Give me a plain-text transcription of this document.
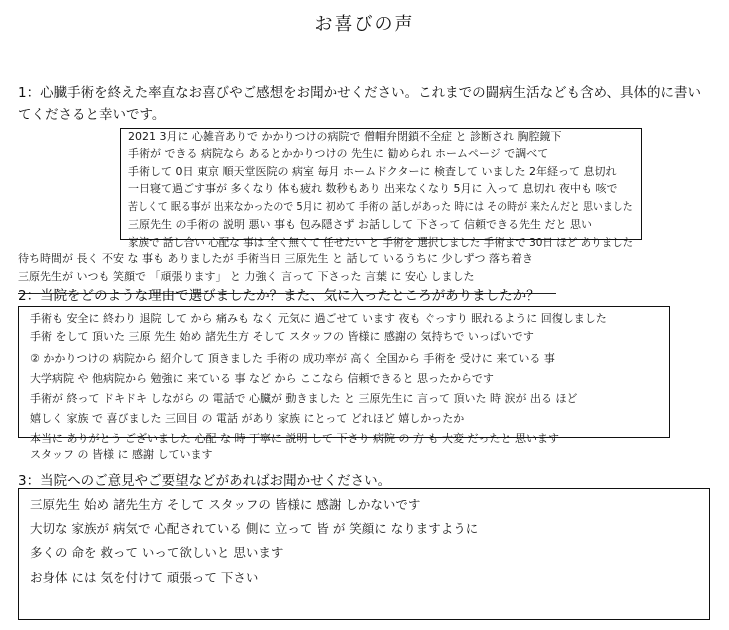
お喜びの声
1：心臓手術を終えた率直なお喜びやご感想をお聞かせください。これまでの闘病生活なども含め、具体的に書いてくださると幸いです。
2：当院をどのような理由で選びましたか？また、気に入ったところがありましたか？
3：当院へのご意見やご要望などがあればお聞かせください。
2021 3月に 心雑音ありで かかりつけの病院で 僧帽弁閉鎖不全症 と 診断され 胸腔鏡下
手術が できる 病院なら あるとかかりつけの 先生に 勧められ ホームページ で調べて
手術して 0日 東京 順天堂医院の 病室 毎月 ホームドクターに 検査して いました 2年経って 息切れ
一日寝て過ごす事が 多くなり 体も疲れ 数秒もあり 出来なくなり 5月に 入って 息切れ 夜中も 咳で
苦しくて 眠る事が 出来なかったので 5月に 初めて 手術の 話しがあった 時には その時が 来たんだと 思いました
三原先生 の手術の 説明 悪い 事も 包み隠さず お話しして 下さって 信頼できる先生 だと 思い
家族で 話し合い 心配な 事は 全く無くて 任せたい と 手術を 選択しました 手術まで 30日 ほど ありました
待ち時間が 長く 不安 な 事も ありましたが 手術当日 三原先生 と 話して いるうちに 少しずつ 落ち着き
三原先生が いつも 笑顔で 「頑張ります」 と 力強く 言って 下さった 言葉 に 安心 しました
手術も 安全に 終わり 退院 して から 痛みも なく 元気に 過ごせて います 夜も ぐっすり 眠れるように 回復しました
手術 をして 頂いた 三原 先生 始め 諸先生方 そして スタッフの 皆様に 感謝の 気持ちで いっぱいです
② かかりつけの 病院から 紹介して 頂きました 手術の 成功率が 高く 全国から 手術を 受けに 来ている 事
大学病院 や 他病院から 勉強に 来ている 事 など から ここなら 信頼できると 思ったからです
手術が 終って ドキドキ しながら の 電話で 心臓が 動きました と 三原先生に 言って 頂いた 時 涙が 出る ほど
嬉しく 家族 で 喜びました 三回目 の 電話 があり 家族 にとって どれほど 嬉しかったか
本当に ありがとう ございました 心配 な 時 丁寧に 説明 して 下さり 病院 の 方 も 大変 だったと 思います
スタッフ の 皆様 に 感謝 しています
三原先生 始め 諸先生方 そして スタッフの 皆様に 感謝 しかないです
大切な 家族が 病気で 心配されている 側に 立って 皆 が 笑顔に なりますように
多くの 命を 救って いって欲しいと 思います
お身体 には 気を付けて 頑張って 下さい
